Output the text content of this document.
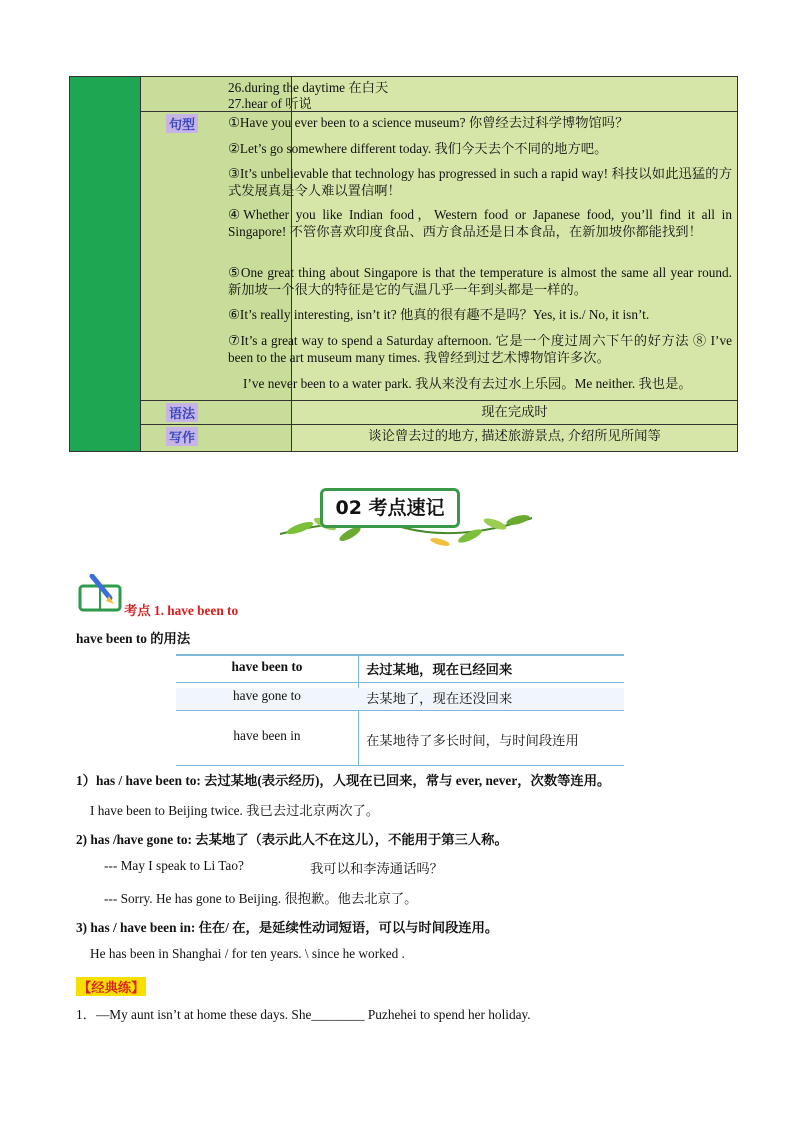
26.during the daytime 在白天
27.hear of 听说
句型 ①Have you ever been to a science museum? 你曾经去过科学博物馆吗？
②Let’s go somewhere different today. 我们今天去个不同的地方吧。
③It’s unbelievable that technology has progressed in such a rapid way! 科技以如此迅猛的方式发展真是令人难以置信啊！
④Whether you like Indian food，Western food or Japanese food, you’ll find it all in Singapore! 不管你喜欢印度食品、西方食品还是日本食品，在新加坡你都能找到！
⑤One great thing about Singapore is that the temperature is almost the same all year round. 新加坡一个很大的特征是它的气温几乎一年到头都是一样的。
⑥It’s really interesting, isn’t it? 他真的很有趣不是吗？Yes, it is./ No, it isn’t.
⑦It’s a great way to spend a Saturday afternoon. 它是一个度过周六下午的好方法 ⑧ I’ve been to the art museum many times. 我曾经到过艺术博物馆许多次。
I’ve never been to a water park. 我从来没有去过水上乐园。Me neither. 我也是。
语法	现在完成时
写作	谈论曾去过的地方, 描述旅游景点, 介绍所见所闻等
02 考点速记
考点 1. have been to
have been to 的用法
have been to	去过某地，现在已经回来
have gone to	去某地了，现在还没回来
have been in	在某地待了多长时间，与时间段连用
1）has / have been to: 去过某地(表示经历)，人现在已回来，常与 ever, never，次数等连用。
I have been to Beijing twice. 我已去过北京两次了。
2) has /have gone to: 去某地了（表示此人不在这儿），不能用于第三人称。
--- May I speak to Li Tao?	我可以和李涛通话吗？
--- Sorry. He has gone to Beijing. 很抱歉。他去北京了。
3) has / have been in: 住在/ 在，是延续性动词短语，可以与时间段连用。
He has been in Shanghai / for ten years. \ since he worked .
【经典练】
1．—My aunt isn’t at home these days. She________ Puzhehei to spend her holiday.
